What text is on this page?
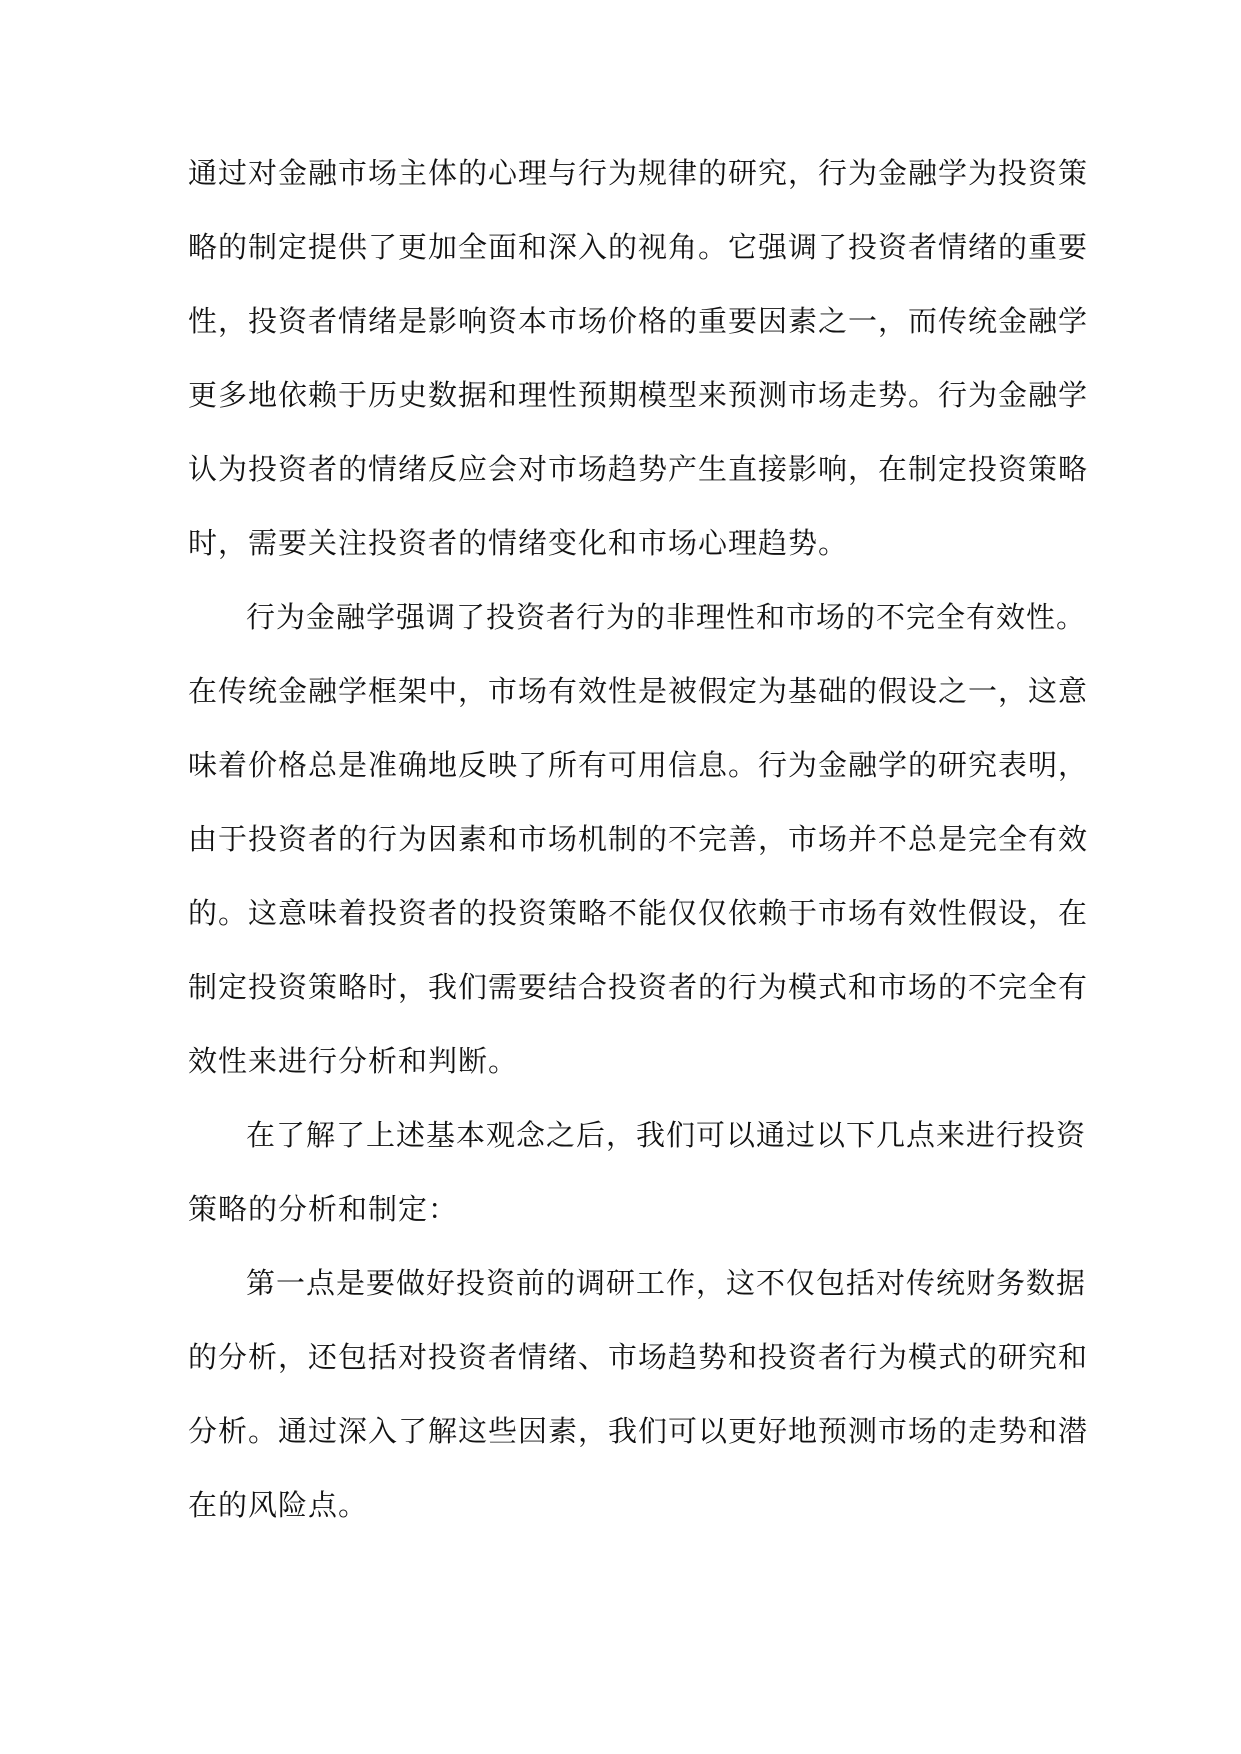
通过对金融市场主体的心理与行为规律的研究，行为金融学为投资策
略的制定提供了更加全面和深入的视角。它强调了投资者情绪的重要
性，投资者情绪是影响资本市场价格的重要因素之一，而传统金融学
更多地依赖于历史数据和理性预期模型来预测市场走势。行为金融学
认为投资者的情绪反应会对市场趋势产生直接影响，在制定投资策略
时，需要关注投资者的情绪变化和市场心理趋势。
行为金融学强调了投资者行为的非理性和市场的不完全有效性。
在传统金融学框架中，市场有效性是被假定为基础的假设之一，这意
味着价格总是准确地反映了所有可用信息。行为金融学的研究表明，
由于投资者的行为因素和市场机制的不完善，市场并不总是完全有效
的。这意味着投资者的投资策略不能仅仅依赖于市场有效性假设，在
制定投资策略时，我们需要结合投资者的行为模式和市场的不完全有
效性来进行分析和判断。
在了解了上述基本观念之后，我们可以通过以下几点来进行投资
策略的分析和制定：
第一点是要做好投资前的调研工作，这不仅包括对传统财务数据
的分析，还包括对投资者情绪、市场趋势和投资者行为模式的研究和
分析。通过深入了解这些因素，我们可以更好地预测市场的走势和潜
在的风险点。
